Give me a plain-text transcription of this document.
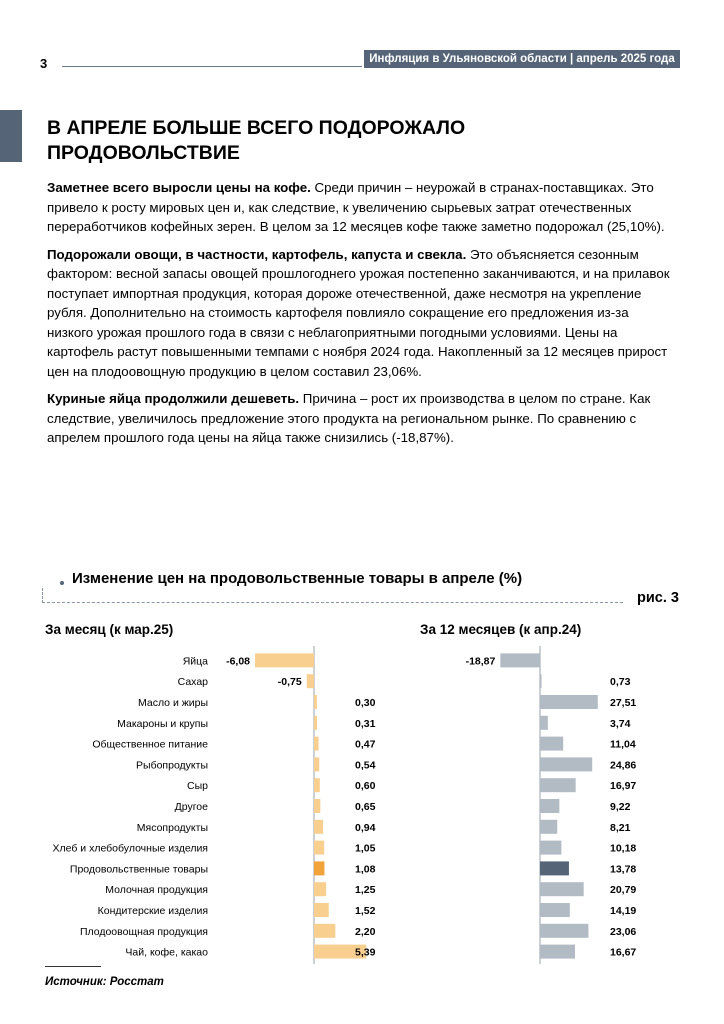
3	Инфляция в Ульяновской области | апрель 2025 года
В АПРЕЛЕ БОЛЬШЕ ВСЕГО ПОДОРОЖАЛО ПРОДОВОЛЬСТВИЕ

Заметнее всего выросли цены на кофе. Среди причин – неурожай в странах-поставщиках. Это привело к росту мировых цен и, как следствие, к увеличению сырьевых затрат отечественных переработчиков кофейных зерен. В целом за 12 месяцев кофе также заметно подорожал (25,10%).

Подорожали овощи, в частности, картофель, капуста и свекла. Это объясняется сезонным фактором: весной запасы овощей прошлогоднего урожая постепенно заканчиваются, и на прилавок поступает импортная продукция, которая дороже отечественной, даже несмотря на укрепление рубля. Дополнительно на стоимость картофеля повлияло сокращение его предложения из-за низкого урожая прошлого года в связи с неблагоприятными погодными условиями. Цены на картофель растут повышенными темпами с ноября 2024 года. Накопленный за 12 месяцев прирост цен на плодоовощную продукцию в целом составил 23,06%.

Куриные яйца продолжили дешеветь. Причина – рост их производства в целом по стране. Как следствие, увеличилось предложение этого продукта на региональном рынке. По сравнению с апрелем прошлого года цены на яйца также снизились (-18,87%).

Изменение цен на продовольственные товары в апреле (%)
рис. 3
За месяц (к мар.25)	За 12 месяцев (к апр.24)
Яйца -6,08	-18,87
Сахар	-0,75	0,73
Масло и жиры	0,30	27,51
Макароны и крупы	0,31	3,74
Общественное питание	0,47	11,04
Рыбопродукты	0,54	24,86
Сыр	0,60	16,97
Другое	0,65	9,22
Мясопродукты	0,94	8,21
Хлеб и хлебобулочные изделия	1,05	10,18
Продовольственные товары	1,08	13,78
Молочная продукция	1,25	20,79
Кондитерские изделия	1,52	14,19
Плодоовощная продукция	2,20	23,06
Чай, кофе, какао	5,39	16,67
Источник: Росстат
